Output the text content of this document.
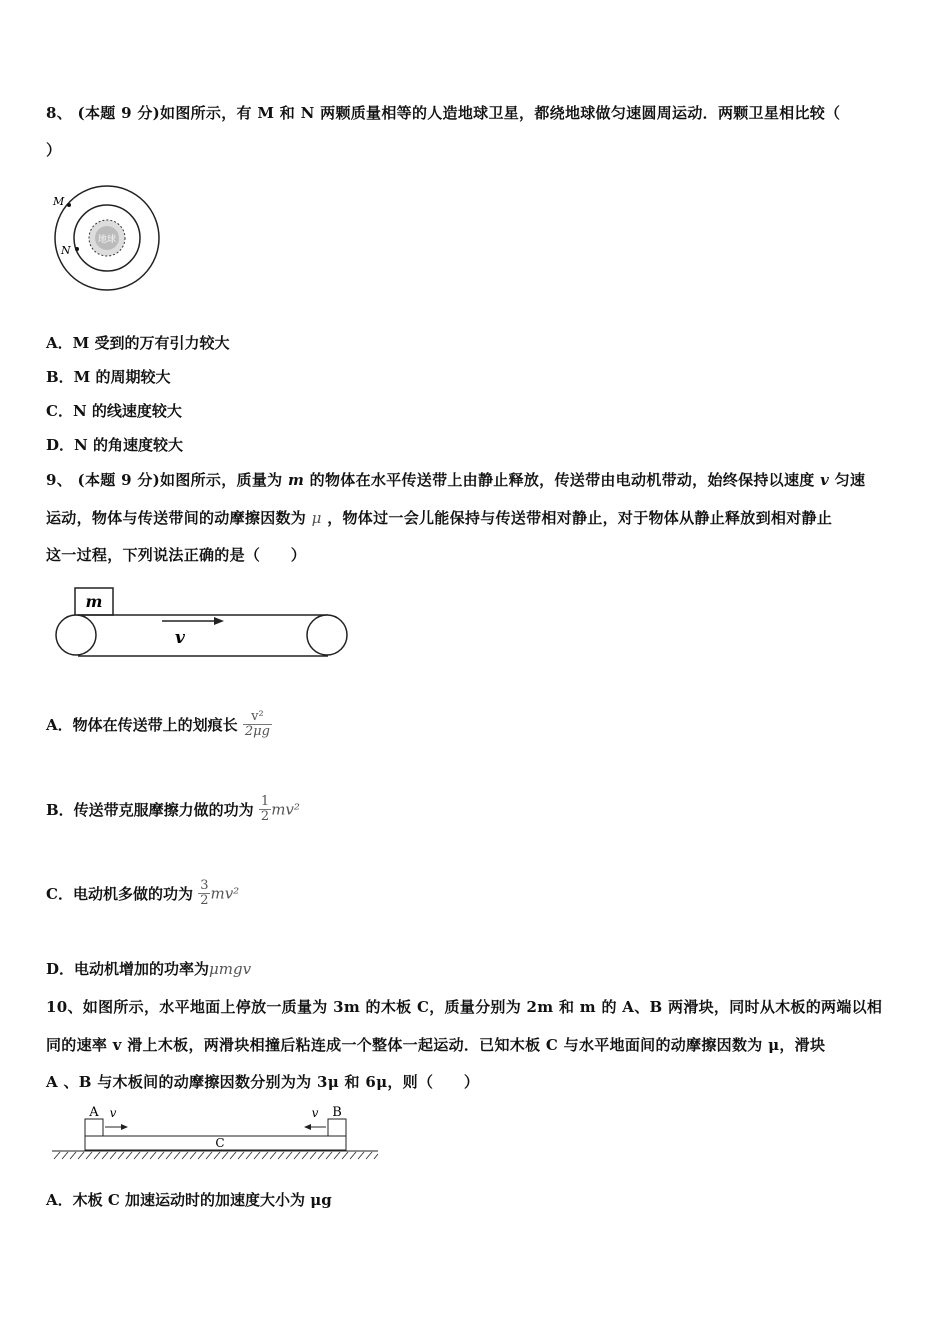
8、 (本题 9 分)如图所示，有 M 和 N 两颗质量相等的人造地球卫星，都绕地球做匀速圆周运动．两颗卫星相比较（
）
地球
M
N
A．M 受到的万有引力较大
B．M 的周期较大
C．N 的线速度较大
D．N 的角速度较大
9、 (本题 9 分)如图所示，质量为 m 的物体在水平传送带上由静止释放，传送带由电动机带动，始终保持以速度 v 匀速
运动，物体与传送带间的动摩擦因数为 μ ，物体过一会儿能保持与传送带相对静止，对于物体从静止释放到相对静止
这一过程，下列说法正确的是（　　）
m
v
A．物体在传送带上的划痕长 $\frac{\text{v²}}{2\mu g}$
B．传送带克服摩擦力做的功为 $\frac{1}{2} mv^2$
C．电动机多做的功为 $\frac{3}{2} mv^2$
D．电动机增加的功率为μmgv
10、如图所示，水平地面上停放一质量为 3m 的木板 C，质量分别为 2m 和 m 的 A、B 两滑块，同时从木板的两端以相
同的速率 v 滑上木板，两滑块相撞后粘连成一个整体一起运动．已知木板 C 与水平地面间的动摩擦因数为 μ，滑块
A 、B 与木板间的动摩擦因数分别为为 3μ 和 6μ，则（　　）
A v	B
v
C
A．木板 C 加速运动时的加速度大小为 μg
